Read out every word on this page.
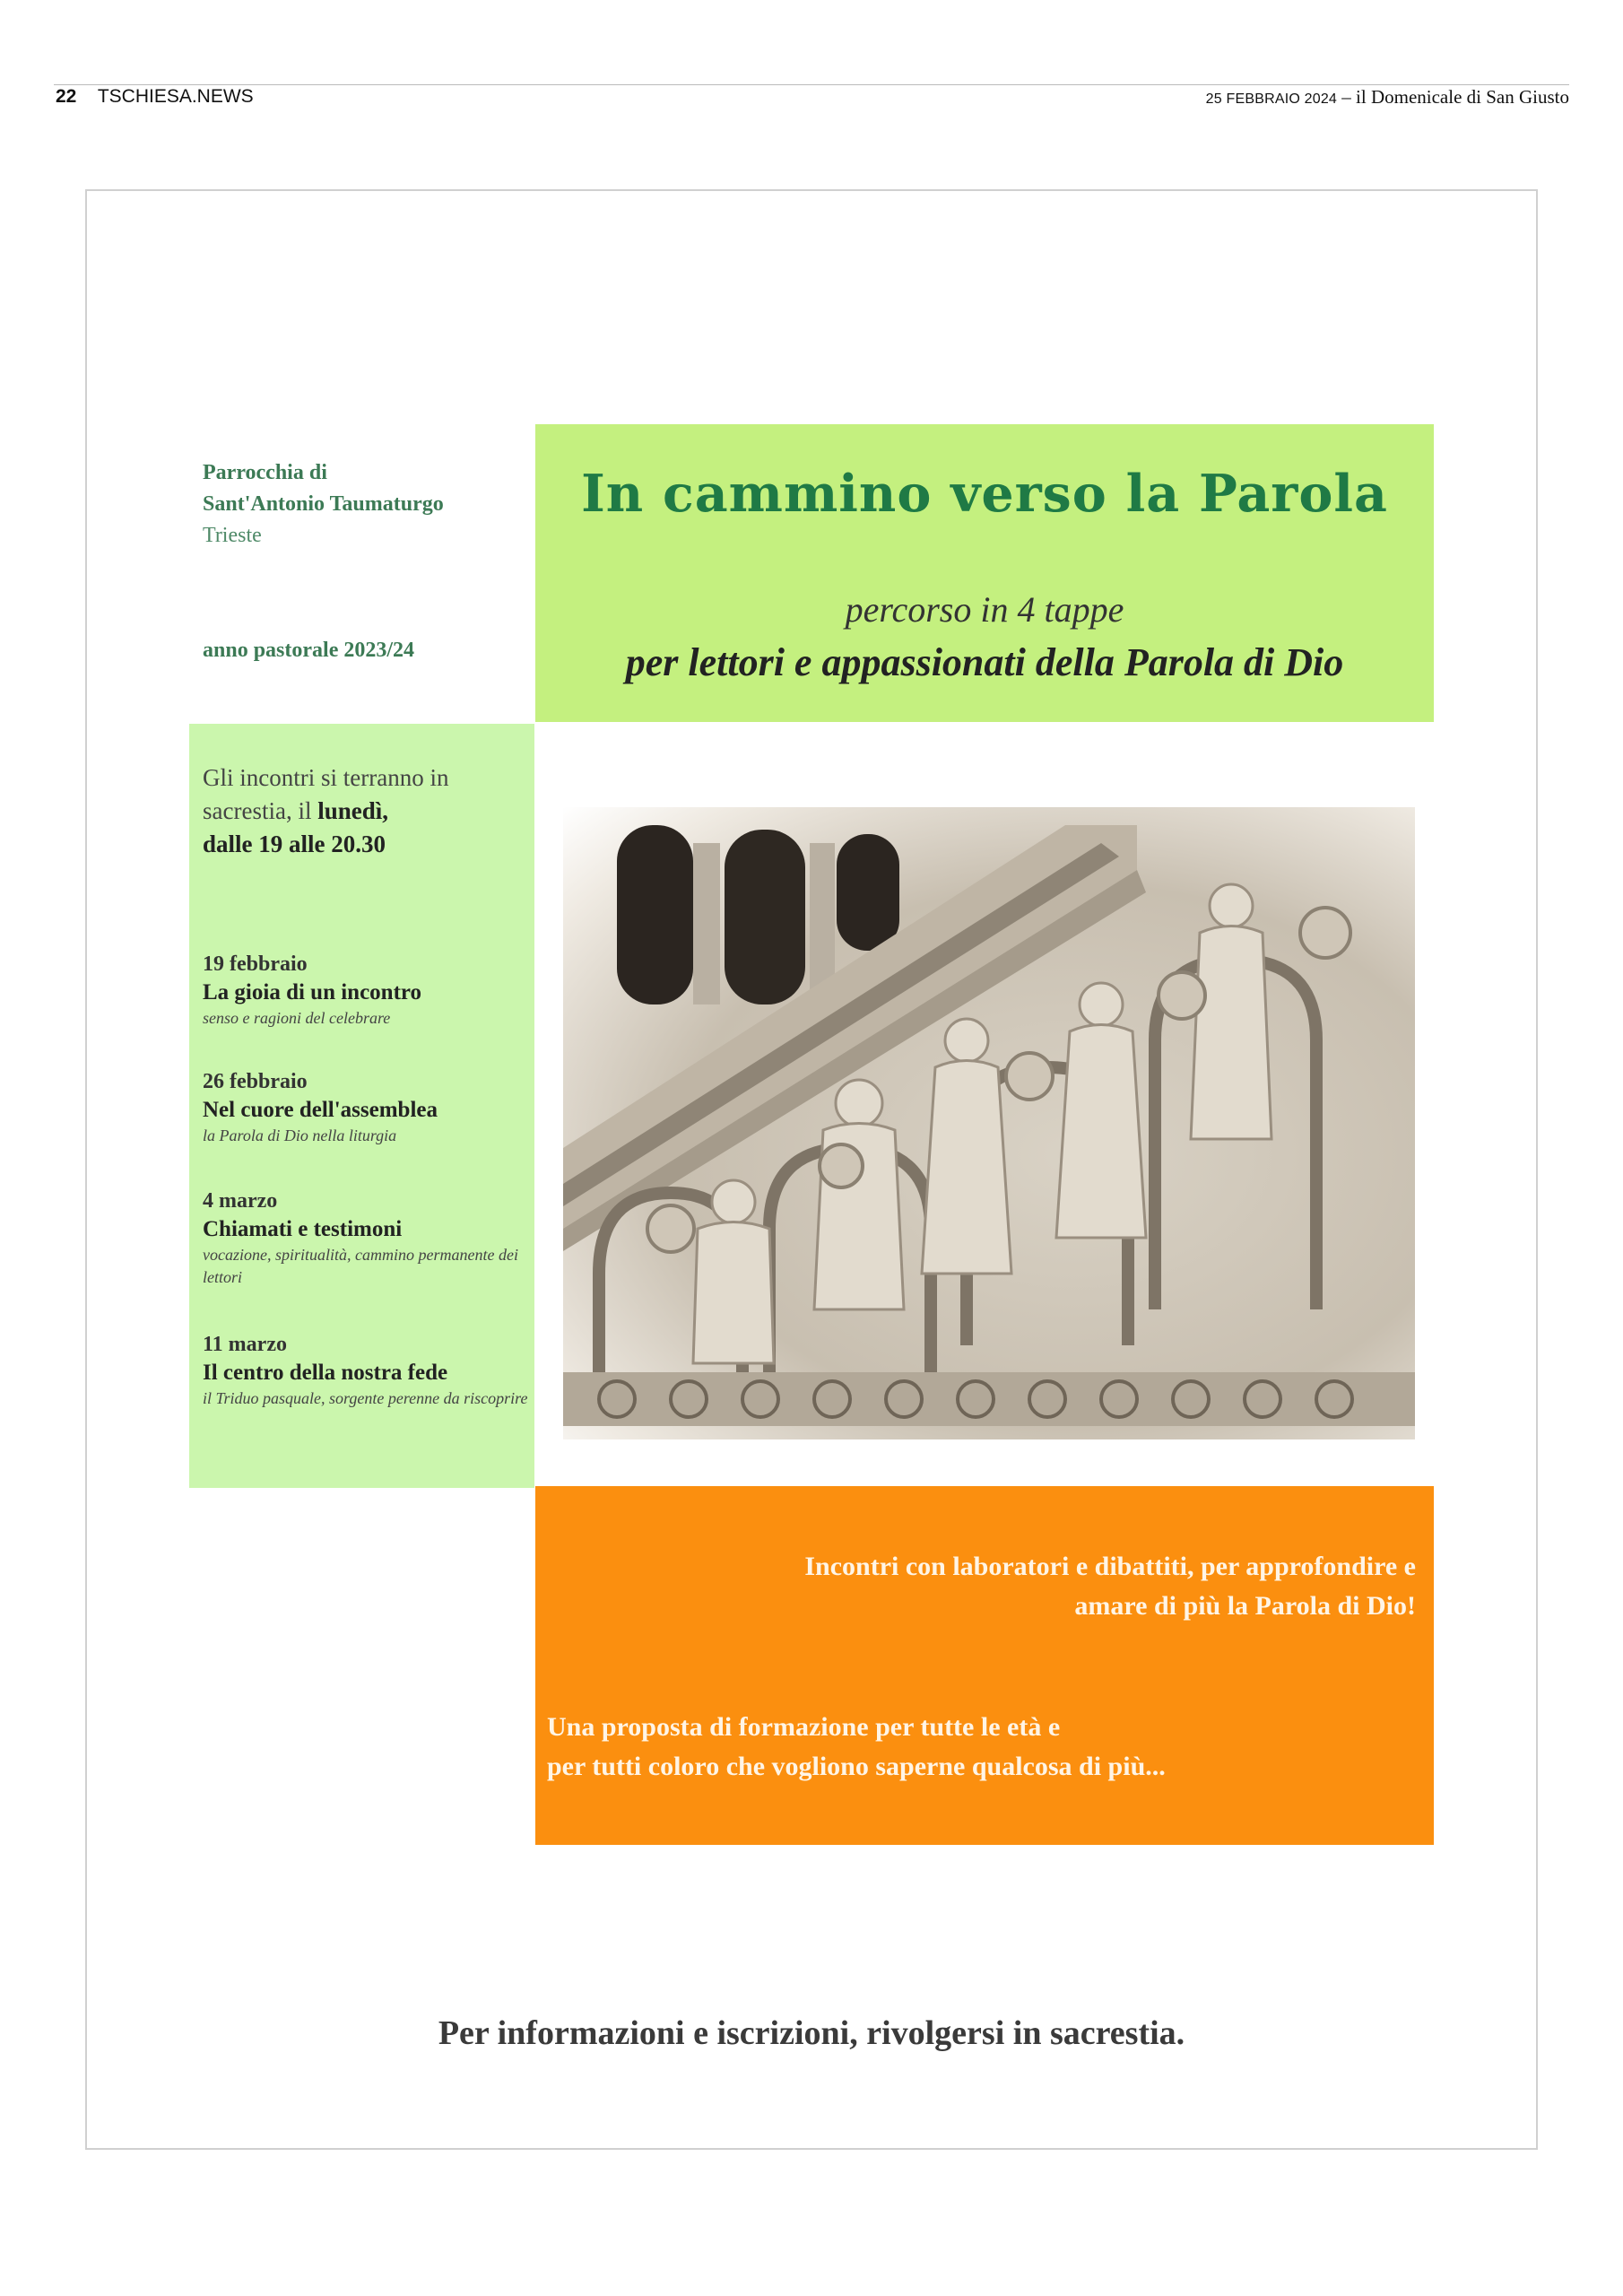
22 TSCHIESA.NEWS	25 FEBBRAIO 2024 – il Domenicale di San Giusto
Parrocchia di
Sant'Antonio Taumaturgo
Trieste
anno pastorale 2023/24
In cammino verso la Parola
percorso in 4 tappe
per lettori e appassionati della Parola di Dio
Gli incontri si terranno in sacrestia, il lunedì,
dalle 19 alle 20.30
19 febbraio
La gioia di un incontro
senso e ragioni del celebrare
26 febbraio
Nel cuore dell'assemblea
la Parola di Dio nella liturgia
4 marzo
Chiamati e testimoni
vocazione, spiritualità, cammino permanente dei lettori
11 marzo
Il centro della nostra fede
il Triduo pasquale, sorgente perenne da riscoprire
Incontri con laboratori e dibattiti, per approfondire e
amare di più la Parola di Dio!
Una proposta di formazione per tutte le età e
per tutti coloro che vogliono saperne qualcosa di più...
Per informazioni e iscrizioni, rivolgersi in sacrestia.
